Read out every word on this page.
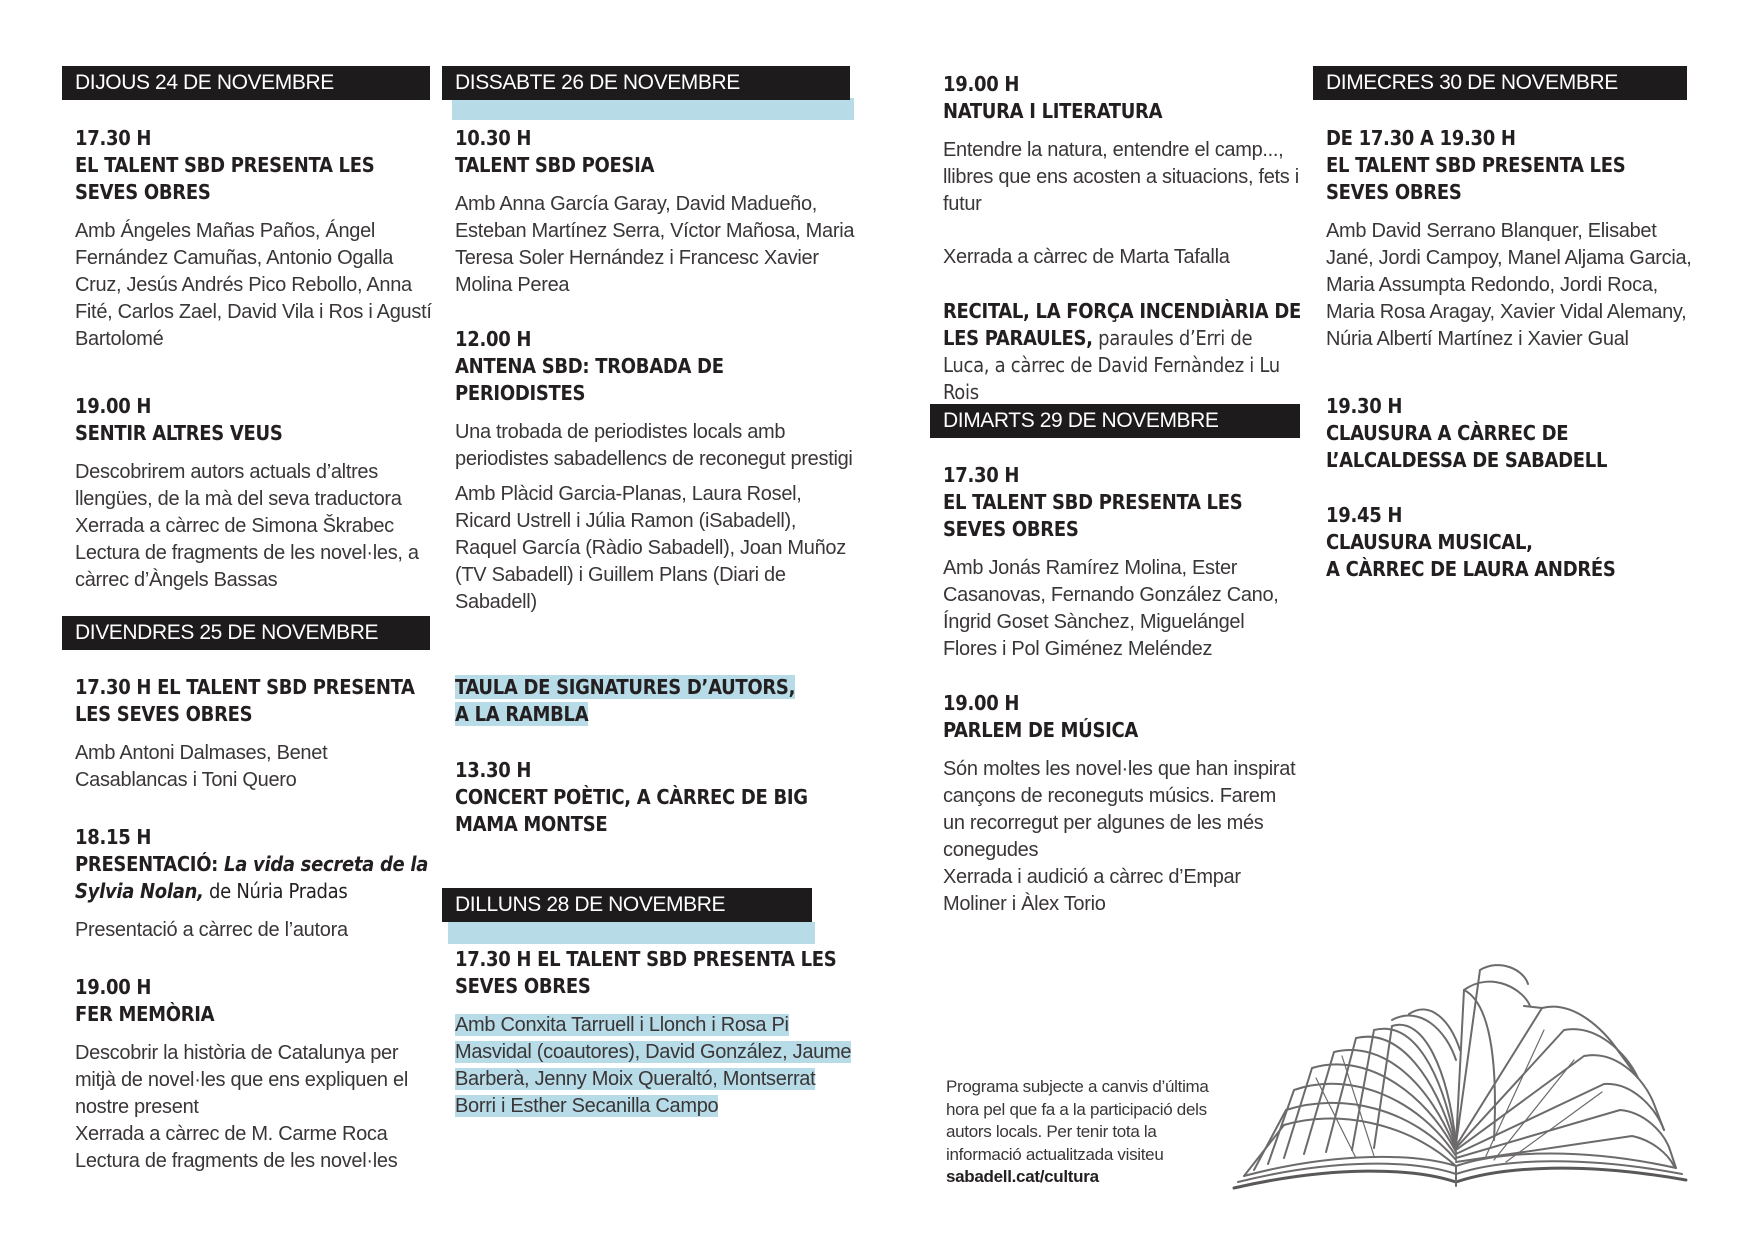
DIJOUS 24 DE NOVEMBRE
17.30 H
EL TALENT SBD PRESENTA LES SEVES OBRES
Amb Ángeles Mañas Paños, Ángel Fernández Camuñas, Antonio Ogalla Cruz, Jesús Andrés Pico Rebollo, Anna Fité, Carlos Zael, David Vila i Ros i Agustí Bartolomé
19.00 H
SENTIR ALTRES VEUS

Descobrirem autors actuals d’altres llengües, de la mà del seva traductora

Xerrada a càrrec de Simona Škrabec

Lectura de fragments de les novel·les, a càrrec d’Àngels Bassas

DIVENDRES 25 DE NOVEMBRE
17.30 H EL TALENT SBD PRESENTA LES SEVES OBRES
Amb Antoni Dalmases, Benet Casablancas i Toni Quero
18.15 H
PRESENTACIÓ: La vida secreta de la Sylvia Nolan, de Núria Pradas
Presentació a càrrec de l’autora
19.00 H
FER MEMÒRIA

Descobrir la història de Catalunya per mitjà de novel·les que ens expliquen el nostre present

Xerrada a càrrec de M. Carme Roca

Lectura de fragments de les novel·les

DISSABTE 26 DE NOVEMBRE
10.30 H
TALENT SBD POESIA
Amb Anna García Garay, David Madueño, Esteban Martínez Serra, Víctor Mañosa, Maria Teresa Soler Hernández i Francesc Xavier Molina Perea
12.00 H
ANTENA SBD: TROBADA DE PERIODISTES
Una trobada de periodistes locals amb periodistes sabadellencs de reconegut prestigi
Amb Plàcid Garcia-Planas, Laura Rosel, Ricard Ustrell i Júlia Ramon (iSabadell), Raquel García (Ràdio Sabadell), Joan Muñoz (TV Sabadell) i Guillem Plans (Diari de Sabadell)
TAULA DE SIGNATURES D’AUTORS,
A LA RAMBLA
13.30 H
CONCERT POÈTIC, A CÀRREC DE BIG MAMA MONTSE
DILLUNS 28 DE NOVEMBRE
17.30 H EL TALENT SBD PRESENTA LES SEVES OBRES
Amb Conxita Tarruell i Llonch i Rosa Pi Masvidal (coautores), David González, Jaume Barberà, Jenny Moix Queraltó, Montserrat Borri i Esther Secanilla Campo
19.00 H
NATURA I LITERATURA
Entendre la natura, entendre el camp..., llibres que ens acosten a situacions, fets i futur
Xerrada a càrrec de Marta Tafalla
RECITAL, LA FORÇA INCENDIÀRIA DE LES PARAULES, paraules d’Erri de Luca, a càrrec de David Fernàndez i Lu Rois
DIMARTS 29 DE NOVEMBRE
17.30 H
EL TALENT SBD PRESENTA LES SEVES OBRES
Amb Jonás Ramírez Molina, Ester Casanovas, Fernando González Cano, Íngrid Goset Sànchez, Miguelángel Flores i Pol Giménez Meléndez
19.00 H
PARLEM DE MÚSICA

Són moltes les novel·les que han inspirat cançons de reconeguts músics. Farem un recorregut per algunes de les més conegudes

Xerrada i audició a càrrec d’Empar Moliner i Àlex Torio

Programa subjecte a canvis d’última hora pel que fa a la participació dels autors locals. Per tenir tota la informació actualitzada visiteu sabadell.cat/cultura
DIMECRES 30 DE NOVEMBRE
DE 17.30 A 19.30 H
EL TALENT SBD PRESENTA LES SEVES OBRES
Amb David Serrano Blanquer, Elisabet Jané, Jordi Campoy, Manel Aljama Garcia, Maria Assumpta Redondo, Jordi Roca, Maria Rosa Aragay, Xavier Vidal Alemany, Núria Albertí Martínez i Xavier Gual
19.30 H
CLAUSURA A CÀRREC DE L’ALCALDESSA DE SABADELL
19.45 H
CLAUSURA MUSICAL,
A CÀRREC DE LAURA ANDRÉS
